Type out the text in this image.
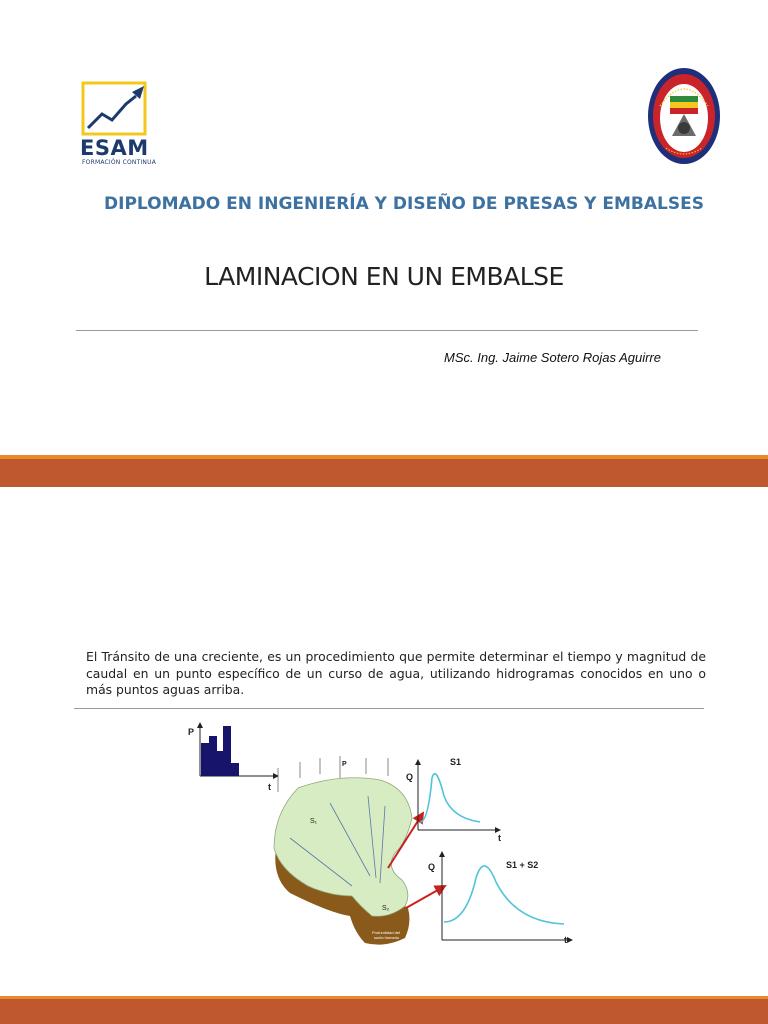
ESAM
FORMACIÓN CONTINUA
DIPLOMADO EN INGENIERÍA Y DISEÑO DE PRESAS Y EMBALSES
LAMINACION EN UN EMBALSE
MSc. Ing. Jaime Sotero Rojas Aguirre
El Tránsito de una creciente, es un procedimiento que permite determinar el tiempo y magnitud de caudal en un punto específico de un curso de agua, utilizando hidrogramas conocidos en uno o más puntos aguas arriba.
P
t
P
S₁
S₂
Profundidad del
suelo húmedo
Q
t
S1
Q
t
S1 + S2
